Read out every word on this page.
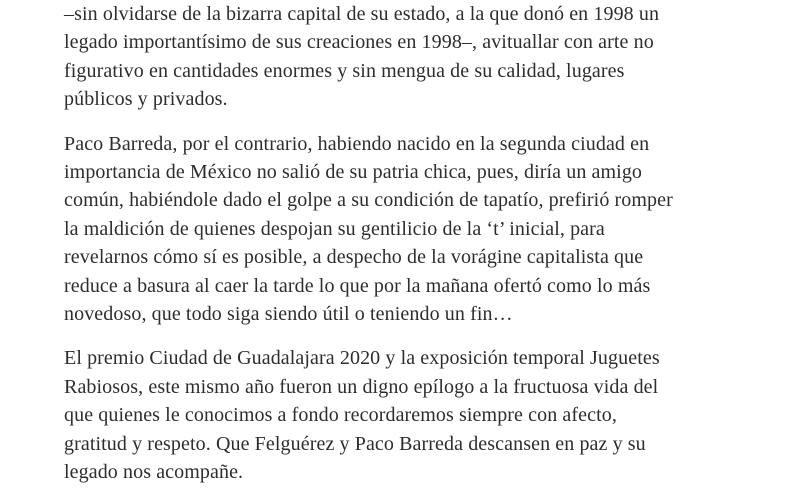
–sin olvidarse de la bizarra capital de su estado, a la que donó en 1998 un
legado importantísimo de sus creaciones en 1998–, avituallar con arte no
figurativo en cantidades enormes y sin mengua de su calidad, lugares
públicos y privados.

Paco Barreda, por el contrario, habiendo nacido en la segunda ciudad en
importancia de México no salió de su patria chica, pues, diría un amigo
común, habiéndole dado el golpe a su condición de tapatío, prefirió romper
la maldición de quienes despojan su gentilicio de la ‘t’ inicial, para
revelarnos cómo sí es posible, a despecho de la vorágine capitalista que
reduce a basura al caer la tarde lo que por la mañana ofertó como lo más
novedoso, que todo siga siendo útil o teniendo un fin…

El premio Ciudad de Guadalajara 2020 y la exposición temporal Juguetes
Rabiosos, este mismo año fueron un digno epílogo a la fructuosa vida del
que quienes le conocimos a fondo recordaremos siempre con afecto,
gratitud y respeto. Que Felguérez y Paco Barreda descansen en paz y su
legado nos acompañe.
